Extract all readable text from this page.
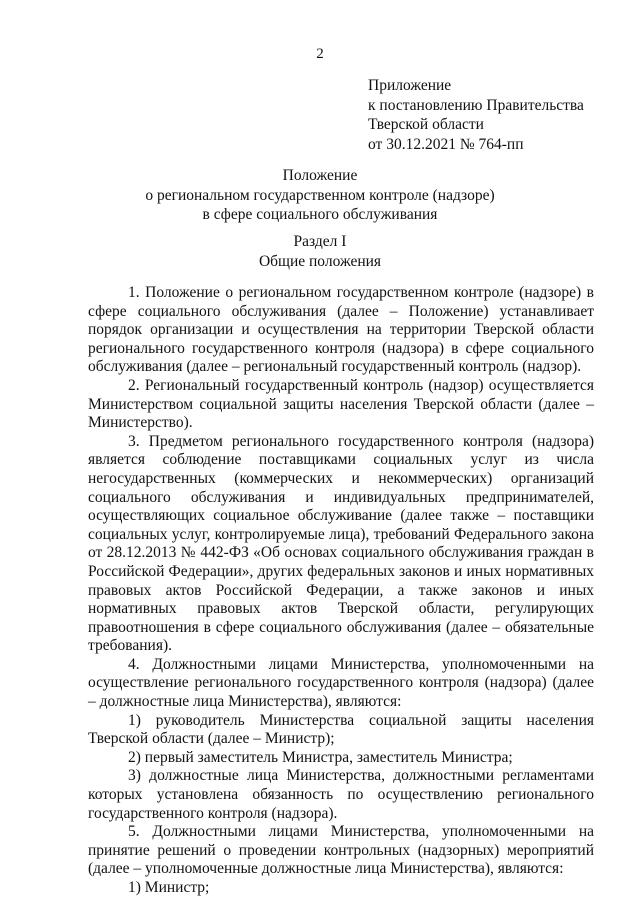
2
Приложение
к постановлению Правительства
Тверской области
от 30.12.2021 № 764-пп
Положение
о региональном государственном контроле (надзоре)
в сфере социального обслуживания
Раздел I
Общие положения

1. Положение о региональном государственном контроле (надзоре) в сфере социального обслуживания (далее – Положение) устанавливает порядок организации и осуществления на территории Тверской области регионального государственного контроля (надзора) в сфере социального обслуживания (далее – региональный государственный контроль (надзор).

2. Региональный государственный контроль (надзор) осуществляется Министерством социальной защиты населения Тверской области (далее – Министерство).

3. Предметом регионального государственного контроля (надзора) является соблюдение поставщиками социальных услуг из числа негосударственных (коммерческих и некоммерческих) организаций социального обслуживания и индивидуальных предпринимателей, осуществляющих социальное обслуживание (далее также – поставщики социальных услуг, контролируемые лица), требований Федерального закона от 28.12.2013 № 442-ФЗ «Об основах социального обслуживания граждан в Российской Федерации», других федеральных законов и иных нормативных правовых актов Российской Федерации, а также законов и иных нормативных правовых актов Тверской области, регулирующих правоотношения в сфере социального обслуживания (далее – обязательные требования).

4. Должностными лицами Министерства, уполномоченными на осуществление регионального государственного контроля (надзора) (далее – должностные лица Министерства), являются:

1) руководитель Министерства социальной защиты населения Тверской области (далее – Министр);

2) первый заместитель Министра, заместитель Министра;

3) должностные лица Министерства, должностными регламентами которых установлена обязанность по осуществлению регионального государственного контроля (надзора).

5. Должностными лицами Министерства, уполномоченными на принятие решений о проведении контрольных (надзорных) мероприятий (далее – уполномоченные должностные лица Министерства), являются:

1) Министр;
